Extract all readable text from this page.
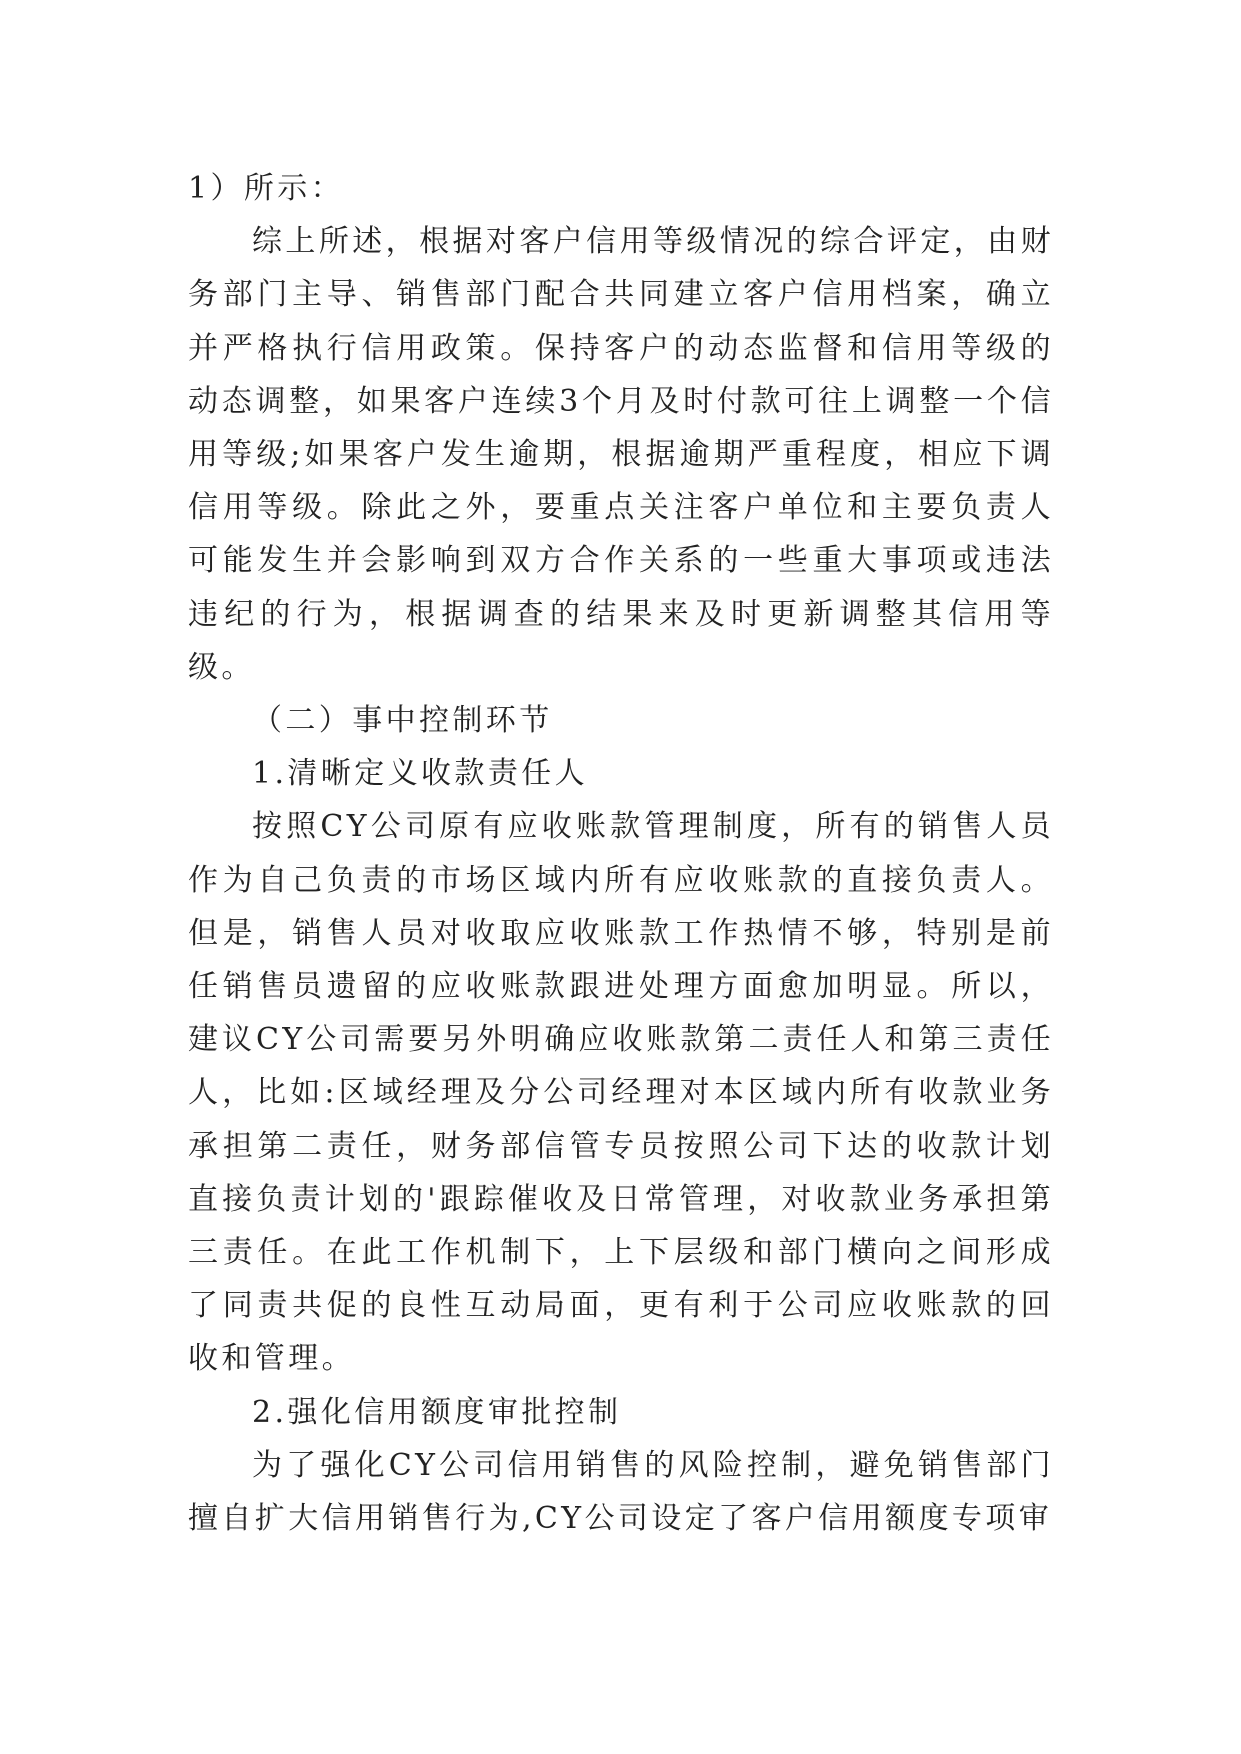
1）所示：

综上所述，根据对客户信用等级情况的综合评定，由财务部门主导、销售部门配合共同建立客户信用档案，确立并严格执行信用政策。保持客户的动态监督和信用等级的动态调整，如果客户连续3个月及时付款可往上调整一个信用等级;如果客户发生逾期，根据逾期严重程度，相应下调信用等级。除此之外，要重点关注客户单位和主要负责人可能发生并会影响到双方合作关系的一些重大事项或违法违纪的行为，根据调查的结果来及时更新调整其信用等级。

（二）事中控制环节

1.清晰定义收款责任人

按照CY公司原有应收账款管理制度，所有的销售人员作为自己负责的市场区域内所有应收账款的直接负责人。但是，销售人员对收取应收账款工作热情不够，特别是前任销售员遗留的应收账款跟进处理方面愈加明显。所以，建议CY公司需要另外明确应收账款第二责任人和第三责任人，比如:区域经理及分公司经理对本区域内所有收款业务承担第二责任，财务部信管专员按照公司下达的收款计划直接负责计划的'跟踪催收及日常管理，对收款业务承担第三责任。在此工作机制下，上下层级和部门横向之间形成了同责共促的良性互动局面，更有利于公司应收账款的回收和管理。

2.强化信用额度审批控制

为了强化CY公司信用销售的风险控制，避免销售部门擅自扩大信用销售行为,CY公司设定了客户信用额度专项审
